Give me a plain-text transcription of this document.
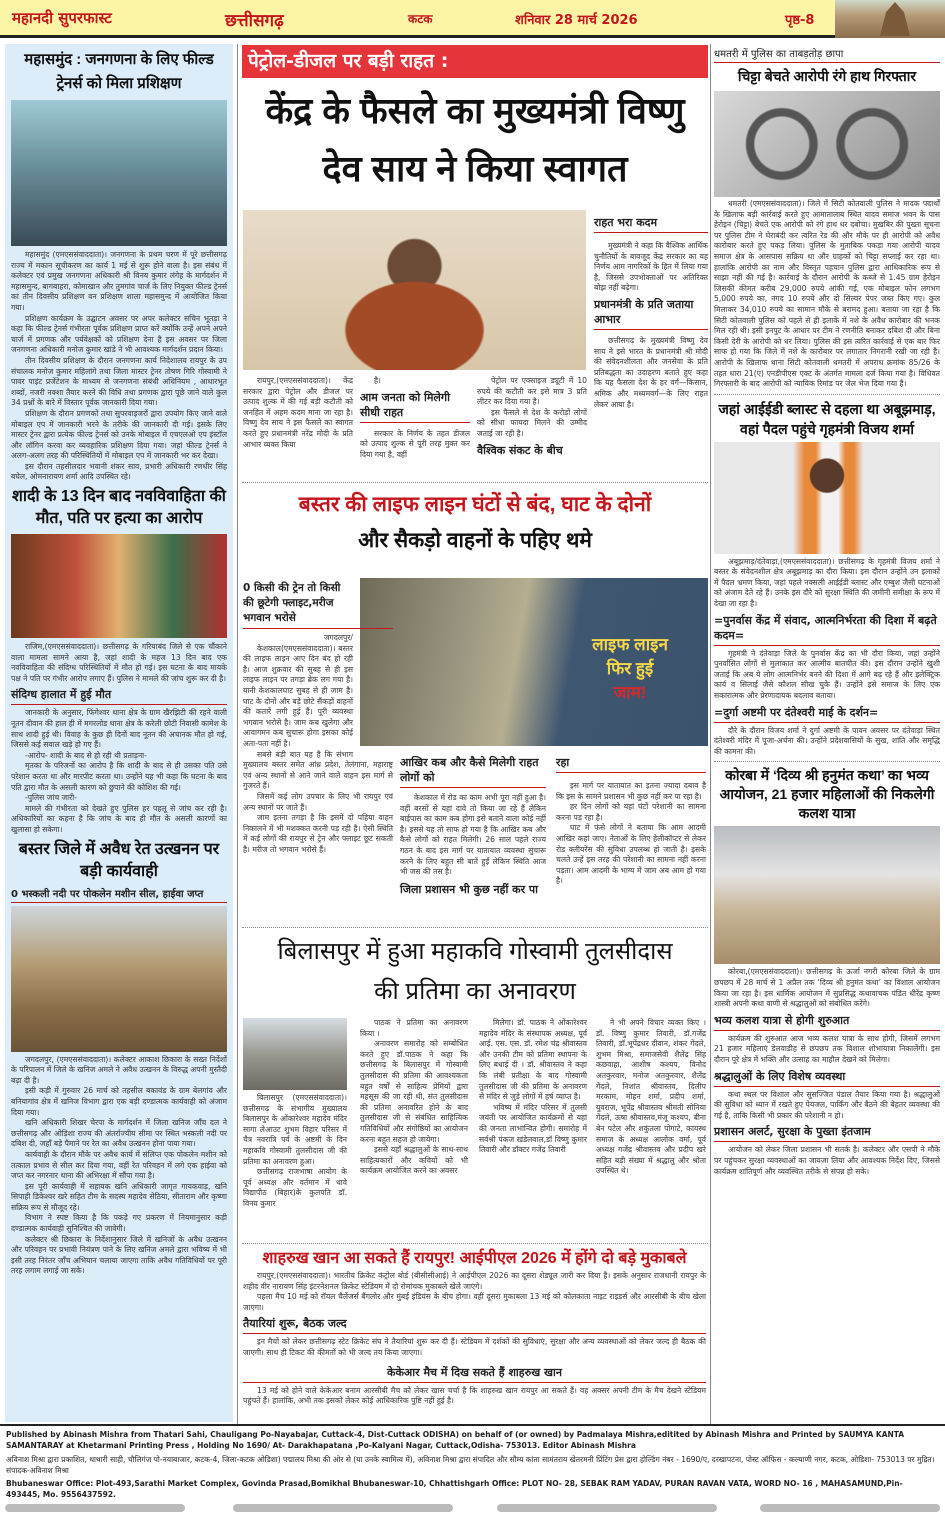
महानदी सुपरफास्ट	छत्तीसगढ़	कटक	शनिवार 28 मार्च 2026	पृष्ठ-8
महासमुंद : जनगणना के लिए फील्ड ट्रेनर्स को मिला प्रशिक्षण
महासमुंद (एमएससंवाददाता)। जनगणना के प्रथम चरण में पूरे छत्तीसगढ़ राज्य में मकान सूचीकरण का कार्य 1 मई से शुरू होने वाला है। इस संबंध में कलेक्टर एवं प्रमुख जनगणना अधिकारी श्री विनय कुमार लंगेह के मार्गदर्शन में महासमुन्द, बागबाहरा, कोमाखान और तुमगांव चार्ज के लिए नियुक्त फील्ड ट्रेनर्स का तीन दिवसीय प्रशिक्षण वन प्रशिक्षण शाला महासमुन्द में आयोजित किया गया।
प्रशिक्षण कार्यक्रम के उद्घाटन अवसर पर अपर कलेक्टर सचिन भूतड़ा ने कहा कि फील्ड ट्रेनर्स गंभीरता पूर्वक प्रशिक्षण प्राप्त करें क्योंकि उन्हें अपने अपने चार्ज में प्रगणक और पर्यवेक्षकों को प्रशिक्षण देना है इस अवसर पर जिला जनगणना अधिकारी मनोज कुमार खांडे ने भी आवश्यक मार्गदर्शन प्रदान किया।
तीन दिवसीय प्रशिक्षण के दौरान जनगणना कार्य निदेशालय रायपुर के उप संचालक मनोज कुमार महिलांगे तथा जिला मास्टर ट्रेनर तोषण गिरि गोस्वामी ने पावर पाइंट प्रजेंटेशन के माध्यम से जनगणना संबंधी अधिनियम , आधारभूत शब्दों, नजरी नक्शा तैयार करने की विधि तथा प्रगणक द्वारा पूछे जाने वाले कुल 34 प्रश्नों के बारे में विस्तार पूर्वक जानकारी दिया गया।
प्रशिक्षण के दौरान प्रगणकों तथा सुपरवाइजरों द्वारा उपयोग किए जाने वाले मोबाइल एप में जानकारी भरने के तरीके की जानकारी दी गई। इसके लिए मास्टर ट्रेनर द्वारा प्रत्येक फील्ड ट्रेनर्स को उनके मोबाइल में एचएलओ एप इंस्टॉल और लॉगिन करवा कर व्यवहारिक प्रशिक्षण दिया गया। जहां फील्ड ट्रेनर्स ने अलग-अलग तरह की परिस्थितियों में मोबाइल एप में जानकारी भर कर देखा।
इस दौरान तहसीलदार भवानी शंकर साव, प्रभारी अधिकारी रणधीर सिंह बघेल, ओमनारायण शर्मा आदि उपस्थित रहे।
शादी के 13 दिन बाद नवविवाहिता की मौत, पति पर हत्या का आरोप
राजिम,(एमएससंवाददाता)। छत्तीसगढ़ के गरियाबंद जिले से एक चौंकाने वाला मामला सामने आया है, जहां शादी के महज 13 दिन बाद एक नवविवाहिता की संदिग्ध परिस्थितियों में मौत हो गई। इस घटना के बाद मायके पक्ष ने पति पर गंभीर आरोप लगाए हैं। पुलिस ने मामले की जांच शुरू कर दी है।
संदिग्ध हालात में हुई मौत
जानकारी के अनुसार, फिंगेश्वर थाना क्षेत्र के ग्राम खैरझिटी की रहने वाली नूतन दीवान की हाल ही में मगरलोड थाना क्षेत्र के करेली छोटी निवासी कामेश के साथ शादी हुई थी। विवाह के कुछ ही दिनों बाद नूतन की अचानक मौत हो गई, जिससे कई सवाल खड़े हो गए हैं।
-आरोप- शादी के बाद से हो रही थी प्रताड़ना-
मृतका के परिजनों का आरोप है कि शादी के बाद से ही उसका पति उसे परेशान करता था और मारपीट करता था। उन्होंने यह भी कहा कि घटना के बाद पति द्वारा मौत के असली कारण को छुपाने की कोशिश की गई।
-पुलिस जांच जारी-
मामले की गंभीरता को देखते हुए पुलिस हर पहलू से जांच कर रही है। अधिकारियों का कहना है कि जांच के बाद ही मौत के असली कारणों का खुलासा हो सकेगा।
बस्तर जिले में अवैध रेत उत्खनन पर बड़ी कार्यवाही
0 भस्कली नदी पर पोकलेन मशीन सील, हाईवा जप्त
जगदलपुर, (एमएससंवाददाता)। कलेक्टर आकाश छिकारा के सख्त निर्देशों के परिपालन में जिले के खनिज अमले ने अवैध उत्खनन के विरुद्ध अपनी मुस्तैदी बढ़ा दी है।
इसी कड़ी में गुरुवार 26 मार्च को तहसील बकावंड के ग्राम बेलगांव और बनियागांव क्षेत्र में खनिज विभाग द्वारा एक बड़ी दण्डात्मक कार्यवाही को अंजाम दिया गया।
खनि अधिकारी शिखर चेरपा के मार्गदर्शन में जिला खनिज जाँच दल ने छत्तीसगढ़ और ओड़िशा राज्य की अंतर्राज्यीय सीमा पर स्थित भस्कली नदी पर दबिश दी, जहाँ बड़े पैमाने पर रेत का अवैध उत्खनन होना पाया गया।
कार्यवाही के दौरान मौके पर अवैध कार्य में संलिप्त एक पोकलेन मशीन को तत्काल प्रभाव से सील कर दिया गया, वहीं रेत परिवहन में लगे एक हाईवा को जप्त कर नगरनार थाना की अभिरक्षा में सौंपा गया है।
इस पूरी कार्यवाही में सहायक खनि अधिकारी जागृत गायकवाड़, खनि सिपाही डिकेश्वर खरे सहित टीम के सदस्य महादेव सेठिया, सीताराम और कृष्णा सक्रिय रूप से मौजूद रहे।
विभाग ने स्पष्ट किया है कि पकड़े गए प्रकरण में नियमानुसार कड़ी दण्डात्मक कार्यवाही सुनिश्चित की जावेगी।
कलेक्टर श्री छिकारा के निर्देशानुसार जिले में खनिजों के अवैध उत्खनन और परिवहन पर प्रभावी नियंत्रण पाने के लिए खनिज अमले द्वारा भविष्य में भी इसी तरह निरंतर जाँच अभियान चलाया जाएगा ताकि अवैध गतिविधियों पर पूरी तरह लगाम लगाई जा सके।
पेट्रोल-डीजल पर बड़ी राहत :
केंद्र के फैसले का मुख्यमंत्री विष्णु
देव साय ने किया स्वागत
राहत भरा कदम
मुख्यमंत्री ने कहा कि वैश्विक आर्थिक चुनौतियों के बावजूद केंद्र सरकार का यह निर्णय आम नागरिकों के हित में लिया गया है, जिससे उपभोक्ताओं पर अतिरिक्त बोझ नहीं बढ़ेगा।
प्रधानमंत्री के प्रति जताया आभार
छत्तीसगढ़ के मुख्यमंत्री विष्णु देव साय ने इसे भारत के प्रधानमंत्री श्री मोदी की संवेदनशीलता और जनसेवा के प्रति प्रतिबद्धता का उदाहरण बताते हुए कहा कि यह फैसला देश के हर वर्ग—किसान, श्रमिक और मध्यमवर्ग—के लिए राहत लेकर आया है।
रायपुर,(एमएससंवाददाता)। केंद्र सरकार द्वारा पेट्रोल और डीजल पर उत्पाद शुल्क में की गई बड़ी कटौती को जनहित में अहम कदम माना जा रहा है। विष्णु देव साय ने इस फैसले का स्वागत करते हुए प्रधानमंत्री नरेंद्र मोदी के प्रति आभार व्यक्त किया
है।
आम जनता को मिलेगी सीधी राहत
सरकार के निर्णय के तहत डीजल को उत्पाद शुल्क से पूरी तरह मुक्त कर दिया गया है, वहीं
पेट्रोल पर एक्साइज ड्यूटी में 10 रुपये की कटौती कर इसे मात्र 3 प्रति लीटर कर दिया गया है।
इस फैसले से देश के करोड़ों लोगों को सीधा फायदा मिलने की उम्मीद जताई जा रही है।
वैश्विक संकट के बीच
बस्तर की लाइफ लाइन घंटों से बंद, घाट के दोनों
और सैकड़ो वाहनों के पहिए थमे
लाइफ लाइन
फिर हुई
जाम!
0 किसी की ट्रेन तो किसी की छूटेगी फ्लाइट,मरीज भगवान भरोसे
जगदलपुर/
केशकाल(एमएससंवाददाता)। बस्तर की लाइफ लाइन आए दिन बंद हो रही है। आज शुक्रवार की सुबह से ही इस लाइफ लाइन पर तगड़ा ब्रेक लग गया है। यानी केशकालघाट सुबह से ही जाम है। घाट के दोनों और बड़े छोटे सैंकड़ों वाहनों की कतारें लगी हुई हैं। पूरी व्यवस्था भगवान भरोसे है। जाम कब खुलेगा और आवागमन कब सुचारू होगा इसका कोई अता-पता नहीं है।
सबसे बड़ी बात यह है कि संभाग मुख्यालय बस्तर समेत आंध्र प्रदेश, तेलंगाना, महाराष्ट्र एवं अन्य स्थानों से आने जाने वाले वाहन इस मार्ग से गुजरते हैं।
जिसमें कई लोग उपचार के लिए भी रायपुर एवं अन्य स्थानों पर जाते हैं।
जाम इतना तगड़ा है कि इसमें दो पहिया वाहन निकालने में भी मशक्कत करनी पड़ रही है। ऐसी स्थिति में कई लोगों की रायपुर से ट्रेन और फ्लाइट छूट सकती है। मरीज तो भगवान भरोसे हैं।
आखिर कब और कैसे मिलेगी राहत लोगों को
केशकाल में रोड का काम अभी पूरा नहीं हुआ है। वहीं बरसों से यहां दावे तो किया जा रहे हैं लेकिन बाईपास का काम कब होगा इसे बताने वाला कोई नहीं है। इससे यह तो साफ हो गया है कि आखिर कब और कैसे लोगों को राहत मिलेगी। 26 साल पहले राज्य गठन के बाद इस मार्ग पर यातायात व्यवस्था सुचारू करने के लिए बहुत सी बातें हुईं लेकिन स्थिति आज भी जस की तस है।
जिला प्रशासन भी कुछ नहीं कर पा
रहा
इस मार्ग पर यातायात का इतना ज्यादा दबाव है कि इस के सामने प्रशासन भी कुछ नहीं कर पा रहा है।
हर दिन लोगों को यहां घंटों परेशानी का सामना करना पड़ रहा है।
घाट में फंसे लोगों ने बताया कि आम आदमी आखिर कहां जाए। नेताओं के लिए हेलीकॉप्टर से लेकर रोड क्लीयरेंस की सुविधा उपलब्ध हो जाती है। इसके चलते उन्हें इस तरह की परेशानी का सामना नहीं करना पड़ता। आम आदमी के भाग्य में जाम अब आम हो गया है।
बिलासपुर में हुआ महाकवि गोस्वामी तुलसीदास
की प्रतिमा का अनावरण
बिलासपुर (एमएससंवाददाता)। छत्तीसगढ़ के संभागीय मुख्यालय बिलासपुर के ओंकारेश्वर महादेव मंदिर सागा लेआउट शुभम विहार परिसर में चैत्र नवरात्रि पर्व के अष्टमी के दिन महाकवि गोस्वामी तुलसीदास जी की प्रतिमा का अनावरण हुआ।
छत्तीसगढ़ राजभाषा आयोग के पूर्व अध्यक्ष और वर्तमान में थावे विद्यापीठ (बिहार)के कुलपति डॉ. विनय कुमार
पाठक ने प्रतिमा का अनावरण किया ।
अनावरण समारोह को सम्बोधित करते हुए डॉ.पाठक ने कहा कि छत्तीसगढ़ के बिलासपुर में गोस्वामी तुलसीदास की प्रतिमा की आवश्यकता बहुत वर्षों से साहित्य प्रेमियों द्वारा महसूस की जा रही थी, संत तुलसीदास की प्रतिमा अनावरित होने के बाद तुलसीदास जी से संबंधित साहित्यिक गतिविधियों और संगोष्ठियों का आयोजन करना बहुत सहज हो जायेगा।
इससे यहाँ श्रद्धालुओं के साथ-साथ साहित्यकारों और कवियों को भी कार्यक्रम आयोजित करने का अवसर
मिलेगा। डॉ. पाठक ने ओंकारेश्वर महादेव मंदिर के संस्थापक अध्यक्ष, पूर्व आई. एस. एस. डॉ. रमेश चंद्र श्रीवास्तव और उनकी टीम को प्रतिमा स्थापना के लिए बधाई दी । डॉ. श्रीवास्तव ने कहा कि लंबी प्रतीक्षा के बाद गोस्वामी तुलसीदास जी की प्रतिमा के अनावरण से मंदिर से जुड़े लोगों में हर्ष व्याप्त है।
भविष्य में मंदिर परिसर में तुलसी जयंती पर आयोजित कार्यक्रमों से यहां की जनता लाभान्वित होगी। समारोह में सर्वश्री पंकज खंडेलवाल,डॉ विष्णु कुमार तिवारी और डॉक्टर गजेंद्र तिवारी
ने भी अपने विचार व्यक्त किए । डॉ. विष्णु कुमार तिवारी, डॉ.गजेंद्र तिवारी, डॉ.भूपेंद्रधर दीवान, शंकर गेंदले, शुभम मिश्रा, समाजसेवी शैलेंद्र सिंह कछवाहा, आशीष कश्यप, विनोद अतकुरवार, मनोज अतकुरवार, शैलेंद्र गेंदले, निशांत श्रीवास्तव, दिलीप मरकाम, मोहन शर्मा, प्रदीप शर्मा, युवराज, भूपेंद्र श्रीवास्तव श्रीमती सोनिया गेंदले, ऊषा श्रीवास्तव,मंजू कश्यप, बीना बेन पटेल और शकुंतला पोगाटे, कायस्थ समाज के अध्यक्ष आलोक वर्मा, पूर्व अध्यक्ष गजेंद्र श्रीवास्तव और प्रदीप खरे सहित बड़ी संख्या में श्रद्धालु और श्रोता उपस्थित थे।
शाहरुख खान आ सकते हैं रायपुर! आईपीएल 2026 में होंगे दो बड़े मुकाबले
रायपुर,(एमएससंवाददाता)। भारतीय क्रिकेट कंट्रोल बोर्ड (बीसीसीआई) ने आईपीएल 2026 का दूसरा शेड्यूल जारी कर दिया है। इसके अनुसार राजधानी रायपुर के शहीद वीर नारायण सिंह इंटरनेशनल क्रिकेट स्टेडियम में दो रोमांचक मुकाबले खेले जाएंगे।
पहला मैच 10 मई को रॉयल चैलेंजर्स बैंगलोर और मुंबई इंडियंस के बीच होगा। वहीं दूसरा मुकाबला 13 मई को कोलकाता नाइट राइडर्स और आरसीबी के बीच खेला जाएगा।
तैयारियां शुरू, बैठक जल्द
इन मैचों को लेकर छत्तीसगढ़ स्टेट क्रिकेट संघ ने तैयारियां शुरू कर दी हैं। स्टेडियम में दर्शकों की सुविधाएं, सुरक्षा और अन्य व्यवस्थाओं को लेकर जल्द ही बैठक की जाएगी। साथ ही टिकट की कीमतों को भी जल्द तय किया जाएगा।
केकेआर मैच में दिख सकते हैं शाहरुख खान
13 मई को होने वाले केकेआर बनाम आरसीबी मैच को लेकर खास चर्चा है कि शाहरुख खान रायपुर आ सकते हैं। वह अक्सर अपनी टीम के मैच देखने स्टेडियम पहुंचते हैं। हालांकि, अभी तक इसको लेकर कोई आधिकारिक पुष्टि नहीं हुई है।
धमतरी में पुलिस का ताबड़तोड़ छापा
चिट्टा बेचते आरोपी रंगे हाथ गिरफ्तार
धमतरी (एमएससंवाददाता)। जिले में सिटी कोतवाली पुलिस ने मादक पदार्थों के खिलाफ बड़ी कार्रवाई करते हुए आमातालाब स्थित यादव समाज भवन के पास हेरोइन (चिट्टा) बेचते एक आरोपी को रंगे हाथ धर दबोचा। मुखबिर की पुख्ता सूचना पर पुलिस टीम ने घेराबंदी कर त्वरित रेड की और मौके पर ही आरोपी को अवैध कारोबार करते हुए पकड़ लिया। पुलिस के मुताबिक पकड़ा गया आरोपी यादव समाज क्षेत्र के आसपास सक्रिय था और ग्राहकों को चिट्टा सप्लाई कर रहा था। हालांकि आरोपी का नाम और विस्तृत पहचान पुलिस द्वारा आधिकारिक रूप से साझा नहीं की गई है। कार्रवाई के दौरान आरोपी के कब्जे से 1.45 ग्राम हेरोइन जिसकी कीमत करीब 29,000 रुपये आंकी गई, एक मोबाइल फोन लगभग 5,000 रुपये का, नगद 10 रुपये और दो सिल्वर पेपर जब्त किए गए। कुल मिलाकर 34,010 रुपये का सामान मौके से बरामद हुआ। बताया जा रहा है कि सिटी कोतवाली पुलिस को पहले से ही इलाके में नशे के अवैध कारोबार की भनक मिल रही थी। इसी इनपुट के आधार पर टीम ने रणनीति बनाकर दबिश दी और बिना किसी देरी के आरोपी को धर लिया। पुलिस की इस त्वरित कार्रवाई से एक बार फिर साफ हो गया कि जिले में नशे के कारोबार पर लगातार निगरानी रखी जा रही है। आरोपी के खिलाफ थाना सिटी कोतवाली धमतरी में अपराध क्रमांक 85/26 के तहत धारा 21(ए) एनडीपीएस एक्ट के अंतर्गत मामला दर्ज किया गया है। विधिवत गिरफ्तारी के बाद आरोपी को न्यायिक रिमांड पर जेल भेज दिया गया है।
जहां आईईडी ब्लास्ट से दहला था अबूझमाड़, वहां पैदल पहुंचे गृहमंत्री विजय शर्मा
अबूझमाड़/दंतेवाड़ा,(एमएससंवाददाता)। छत्तीसगढ़ के गृहमंत्री विजय शर्मा ने बस्तर के संवेदनशील क्षेत्र अबूझमाड़ का दौरा किया। इस दौरान उन्होंने उन इलाकों में पैदल भ्रमण किया, जहां पहले नक्सली आईईडी ब्लास्ट और एम्बुश जैसी घटनाओं को अंजाम देते रहे हैं। उनके इस दौरे को सुरक्षा स्थिति की जमीनी समीक्षा के रूप में देखा जा रहा है।
=पुनर्वास केंद्र में संवाद, आत्मनिर्भरता की दिशा में बढ़ते कदम=
गृहमंत्री ने दंतेवाड़ा जिले के पुनर्वास केंद्र का भी दौरा किया, जहां उन्होंने पुनर्वासित लोगों से मुलाकात कर आत्मीय बातचीत की। इस दौरान उन्होंने खुशी जताई कि अब ये लोग आत्मनिर्भर बनने की दिशा में आगे बढ़ रहे हैं और इलेक्ट्रिक कार्य व सिलाई जैसे कौशल सीख चुके हैं। उन्होंने इसे समाज के लिए एक सकारात्मक और प्रेरणादायक बदलाव बताया।
=दुर्गा अष्टमी पर दंतेश्वरी माई के दर्शन=
दौरे के दौरान विजय शर्मा ने दुर्गा अष्टमी के पावन अवसर पर दंतेवाड़ा स्थित दंतेश्वरी मंदिर में पूजा-अर्चना की। उन्होंने प्रदेशवासियों के सुख, शांति और समृद्धि की कामना की।
कोरबा में ‘दिव्य श्री हनुमंत कथा’ का भव्य आयोजन, 21 हजार महिलाओं की निकलेगी कलश यात्रा
कोरबा,(एमएससंवाददाता)। छत्तीसगढ़ के ऊर्जा नगरी कोरबा जिले के ग्राम छपछप में 28 मार्च से 1 अप्रैल तक ‘दिव्य श्री हनुमंत कथा’ का विशाल आयोजन किया जा रहा है। इस धार्मिक आयोजन में सुप्रसिद्ध कथावाचक पंडित धीरेंद्र कृष्ण शास्त्री अपनी कथा वाणी से श्रद्धालुओं को संबोधित करेंगे।
भव्य कलश यात्रा से होगी शुरुआत
कार्यक्रम की शुरुआत आज भव्य कलश यात्रा के साथ होगी, जिसमें लगभग 21 हजार महिलाएं डेलवाडीह से छपछप तक विशाल शोभायात्रा निकालेंगी। इस दौरान पूरे क्षेत्र में भक्ति और उत्साह का माहौल देखने को मिलेगा।
श्रद्धालुओं के लिए विशेष व्यवस्था
कथा स्थल पर विशाल और सुसज्जित पंडाल तैयार किया गया है। श्रद्धालुओं की सुविधा को ध्यान में रखते हुए पेयजल, पार्किंग और बैठने की बेहतर व्यवस्था की गई है, ताकि किसी भी प्रकार की परेशानी न हो।
प्रशासन अलर्ट, सुरक्षा के पुख्ता इंतजाम
आयोजन को लेकर जिला प्रशासन भी सतर्क है। कलेक्टर और एसपी ने मौके पर पहुंचकर सुरक्षा व्यवस्थाओं का जायजा लिया और आवश्यक निर्देश दिए, जिससे कार्यक्रम शांतिपूर्ण और व्यवस्थित तरीके से संपन्न हो सके।
Published by Abinash Mishra from Thatari Sahi, Chauligang Po-Nayabajar, Cuttack-4, Dist-Cuttack ODISHA) on behalf of (or owned) by Padmalaya Mishra,editited by Abinash Mishra and Printed by SAUMYA KANTA SAMANTARAY at Khetarmani Printing Press , Holding No 1690/ At- Darakhapatana ,Po-Kalyani Nagar, Cuttack,Odisha- 753013. Editor Abinash Mishra
अविनाश मिश्रा द्वारा प्रकाशित, थाथारी साही, चौलिगंज पो-नयाबाजार, कटक-4, जिला-कटक ओडिशा) पद्मालय मिश्रा की ओर से (या उनके स्वामित्व में), अविनाश मिश्रा द्वारा संपादित और सौम्य कांता सामंतराय खेतरमनी प्रिंटिंग प्रेस द्वारा होल्डिंग नंबर - 1690/ए, दरखापटना, पोस्ट ऑफिस - कल्याणी नगर, कटक, ओडिशा- 753013 पर मुद्रित। संपादक-अविनाश मिश्रा
Bhubaneswar Office: Plot-493,Sarathi Market Complex, Govinda Prasad,Bomikhal Bhubaneswar-10, Chhattishgarh Office: PLOT NO- 28, SEBAK RAM YADAV, PURAN RAVAN VATA, WORD NO- 16 , MAHASAMUND,Pin- 493445, Mo. 9556437592.
